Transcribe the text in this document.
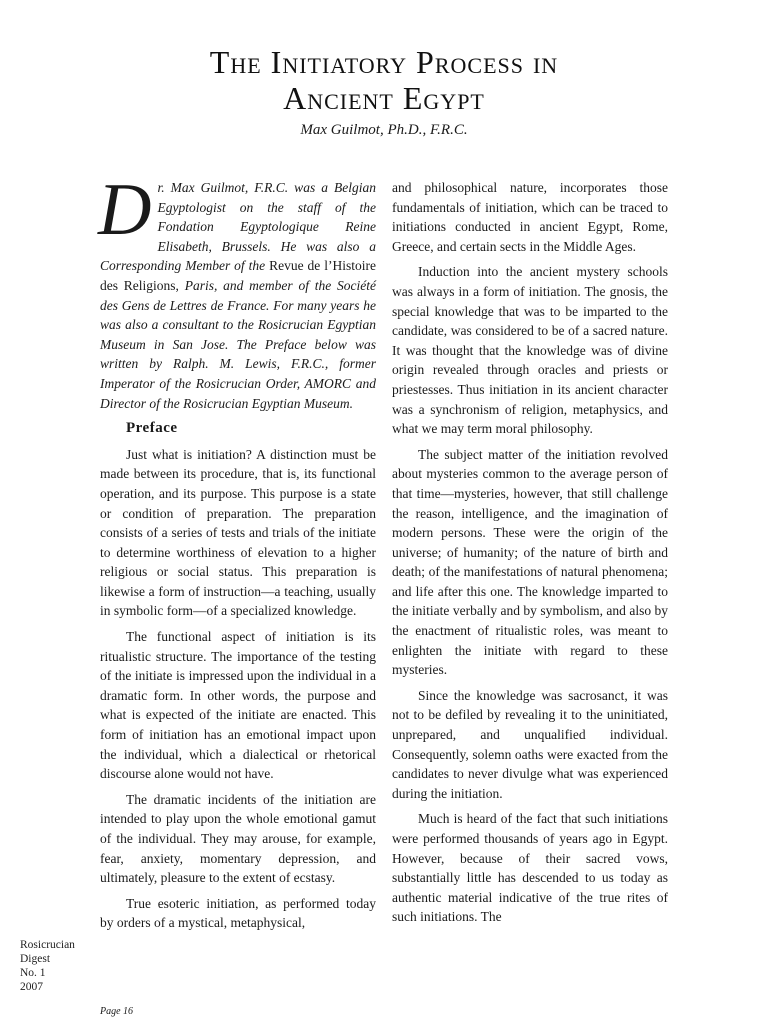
The Initiatory Process in
Ancient Egypt
Max Guilmot, Ph.D., F.R.C.

Dr. Max Guilmot, F.R.C. was a Belgian Egyptologist on the staff of the Fondation Egyptologique Reine Elisabeth, Brussels. He was also a Corresponding Member of the Revue de l’Histoire des Religions, Paris, and member of the Société des Gens de Lettres de France. For many years he was also a consultant to the Rosicrucian Egyptian Museum in San Jose. The Preface below was written by Ralph. M. Lewis, F.R.C., former Imperator of the Rosicrucian Order, AMORC and Director of the Rosicrucian Egyptian Museum.

Preface

Just what is initiation? A distinction must be made between its procedure, that is, its functional operation, and its purpose. This purpose is a state or condition of preparation. The preparation consists of a series of tests and trials of the initiate to determine worthiness of elevation to a higher religious or social status. This preparation is likewise a form of instruction—a teaching, usually in symbolic form—of a specialized knowledge.

The functional aspect of initiation is its ritualistic structure. The importance of the testing of the initiate is impressed upon the individual in a dramatic form. In other words, the purpose and what is expected of the initiate are enacted. This form of initiation has an emotional impact upon the individual, which a dialectical or rhetorical discourse alone would not have.

The dramatic incidents of the initiation are intended to play upon the whole emotional gamut of the individual. They may arouse, for example, fear, anxiety, momentary depression, and ultimately, pleasure to the extent of ecstasy.

True esoteric initiation, as performed today by orders of a mystical, metaphysical,

and philosophical nature, incorporates those fundamentals of initiation, which can be traced to initiations conducted in ancient Egypt, Rome, Greece, and certain sects in the Middle Ages.

Induction into the ancient mystery schools was always in a form of initiation. The gnosis, the special knowledge that was to be imparted to the candidate, was considered to be of a sacred nature. It was thought that the knowledge was of divine origin revealed through oracles and priests or priestesses. Thus initiation in its ancient character was a synchronism of religion, metaphysics, and what we may term moral philosophy.

The subject matter of the initiation revolved about mysteries common to the average person of that time—mysteries, however, that still challenge the reason, intelligence, and the imagination of modern persons. These were the origin of the universe; of humanity; of the nature of birth and death; of the manifestations of natural phenomena; and life after this one. The knowledge imparted to the initiate verbally and by symbolism, and also by the enactment of ritualistic roles, was meant to enlighten the initiate with regard to these mysteries.

Since the knowledge was sacrosanct, it was not to be defiled by revealing it to the uninitiated, unprepared, and unqualified individual. Consequently, solemn oaths were exacted from the candidates to never divulge what was experienced during the initiation.

Much is heard of the fact that such initiations were performed thousands of years ago in Egypt. However, because of their sacred vows, substantially little has descended to us today as authentic material indicative of the true rites of such initiations. The

Rosicrucian
Digest
No. 1
2007
Page 16
